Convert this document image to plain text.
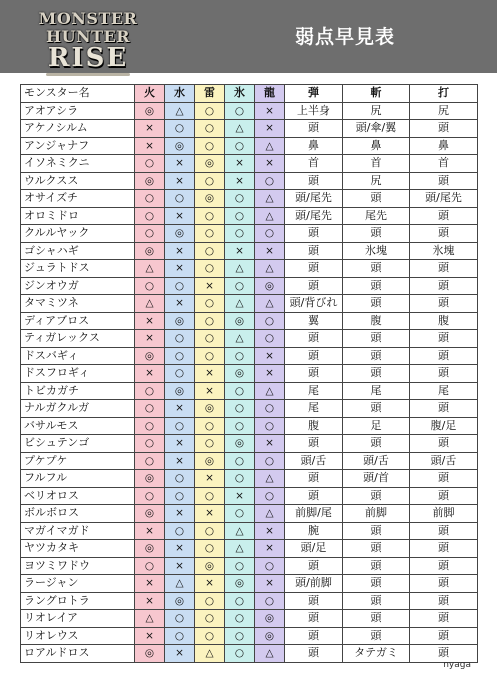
MONSTER HUNTER
RISE
弱点早見表
モンスター名	火	水	雷	氷	龍	弾	斬	打
アオアシラ	◎	△	○	○	×	上半身	尻	尻
アケノシルム	×	○	○	△	×	頭	頭/傘/翼	頭
アンジャナフ	×	◎	○	○	△	鼻	鼻	鼻
イソネミクニ	○	×	◎	×	×	首	首	首
ウルクスス	◎	×	○	×	○	頭	尻	頭
オサイズチ	○	○	◎	○	△	頭/尾先	頭	頭/尾先
オロミドロ	○	×	○	○	△	頭/尾先	尾先	頭
クルルヤック	○	◎	○	○	○	頭	頭	頭
ゴシャハギ	◎	×	○	×	×	頭	氷塊	氷塊
ジュラトドス	△	×	○	△	△	頭	頭	頭
ジンオウガ	○	○	×	○	◎	頭	頭	頭
タマミツネ	△	×	○	△	△	頭/背びれ	頭	頭
ディアブロス	×	◎	○	◎	○	翼	腹	腹
ティガレックス	×	○	○	△	○	頭	頭	頭
ドスバギィ	◎	○	○	○	×	頭	頭	頭
ドスフロギィ	×	○	×	◎	×	頭	頭	頭
トビカガチ	○	◎	×	○	△	尾	尾	尾
ナルガクルガ	○	×	◎	○	○	尾	頭	頭
バサルモス	○	○	○	○	○	腹	足	腹/足
ビシュテンゴ	○	×	○	◎	×	頭	頭	頭
プケプケ	○	×	◎	○	○	頭/舌	頭/舌	頭/舌
フルフル	◎	○	×	○	△	頭	頭/首	頭
ベリオロス	○	○	○	×	○	頭	頭	頭
ボルボロス	◎	×	×	○	△	前脚/尾	前脚	前脚
マガイマガド	×	○	○	△	×	腕	頭	頭
ヤツカタキ	◎	×	○	△	×	頭/足	頭	頭
ヨツミワドウ	○	×	◎	○	○	頭	頭	頭
ラージャン	×	△	×	◎	×	頭/前脚	頭	頭
ラングロトラ	×	◎	○	○	○	頭	頭	頭
リオレイア	△	○	○	○	◎	頭	頭	頭
リオレウス	×	○	○	○	◎	頭	頭	頭
ロアルドロス	◎	×	△	○	△	頭	タテガミ	頭
nyaga
